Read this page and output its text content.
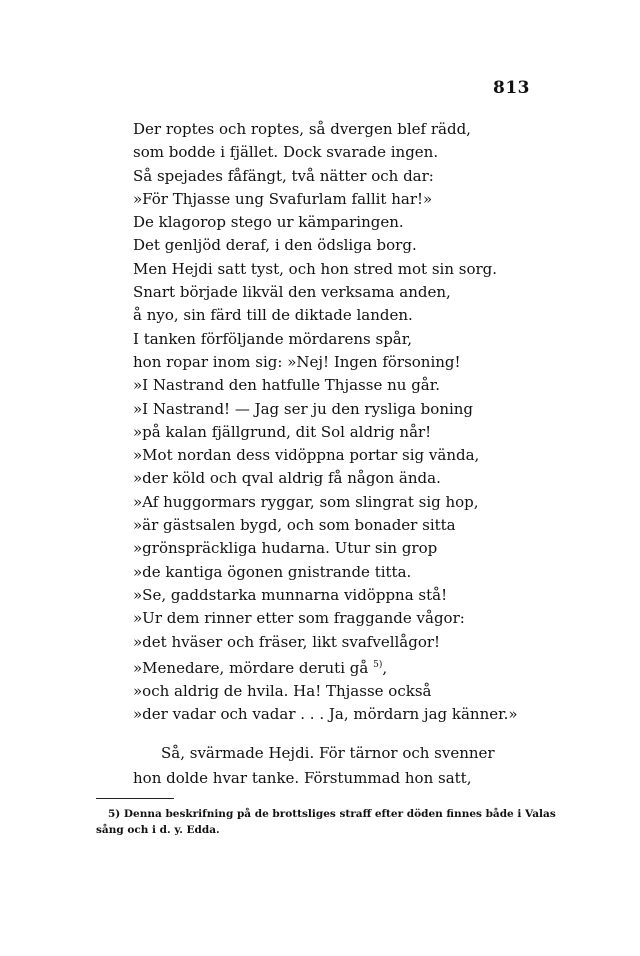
813
Der roptes och roptes, så dvergen blef rädd,
som bodde i fjället. Dock svarade ingen.
Så spejades fåfängt, två nätter och dar:
»För Thjasse ung Svafurlam fallit har!»
De klagorop stego ur kämparingen.
Det genljöd deraf, i den ödsliga borg.
Men Hejdi satt tyst, och hon stred mot sin sorg.
Snart började likväl den verksama anden,
å nyo, sin färd till de diktade landen.
I tanken förföljande mördarens spår,
hon ropar inom sig: »Nej! Ingen försoning!
»I Nastrand den hatfulle Thjasse nu går.
»I Nastrand! — Jag ser ju den rysliga boning
»på kalan fjällgrund, dit Sol aldrig når!
»Mot nordan dess vidöppna portar sig vända,
»der köld och qval aldrig få någon ända.
»Af huggormars ryggar, som slingrat sig hop,
»är gästsalen bygd, och som bonader sitta
»grönspräckliga hudarna. Utur sin grop
»de kantiga ögonen gnistrande titta.
»Se, gaddstarka munnarna vidöppna stå!
»Ur dem rinner etter som fraggande vågor:
»det hväser och fräser, likt svafvellågor!
»Menedare, mördare deruti gå $^{5)}$,
»och aldrig de hvila. Ha! Thjasse också
»der vadar och vadar . . . Ja, mördarn jag känner.»
Så, svärmade Hejdi. För tärnor och svenner
hon dolde hvar tanke. Förstummad hon satt,
5) Denna beskrifning på de brottsliges straff efter döden finnes både i Valas
sång och i d. y. Edda.
